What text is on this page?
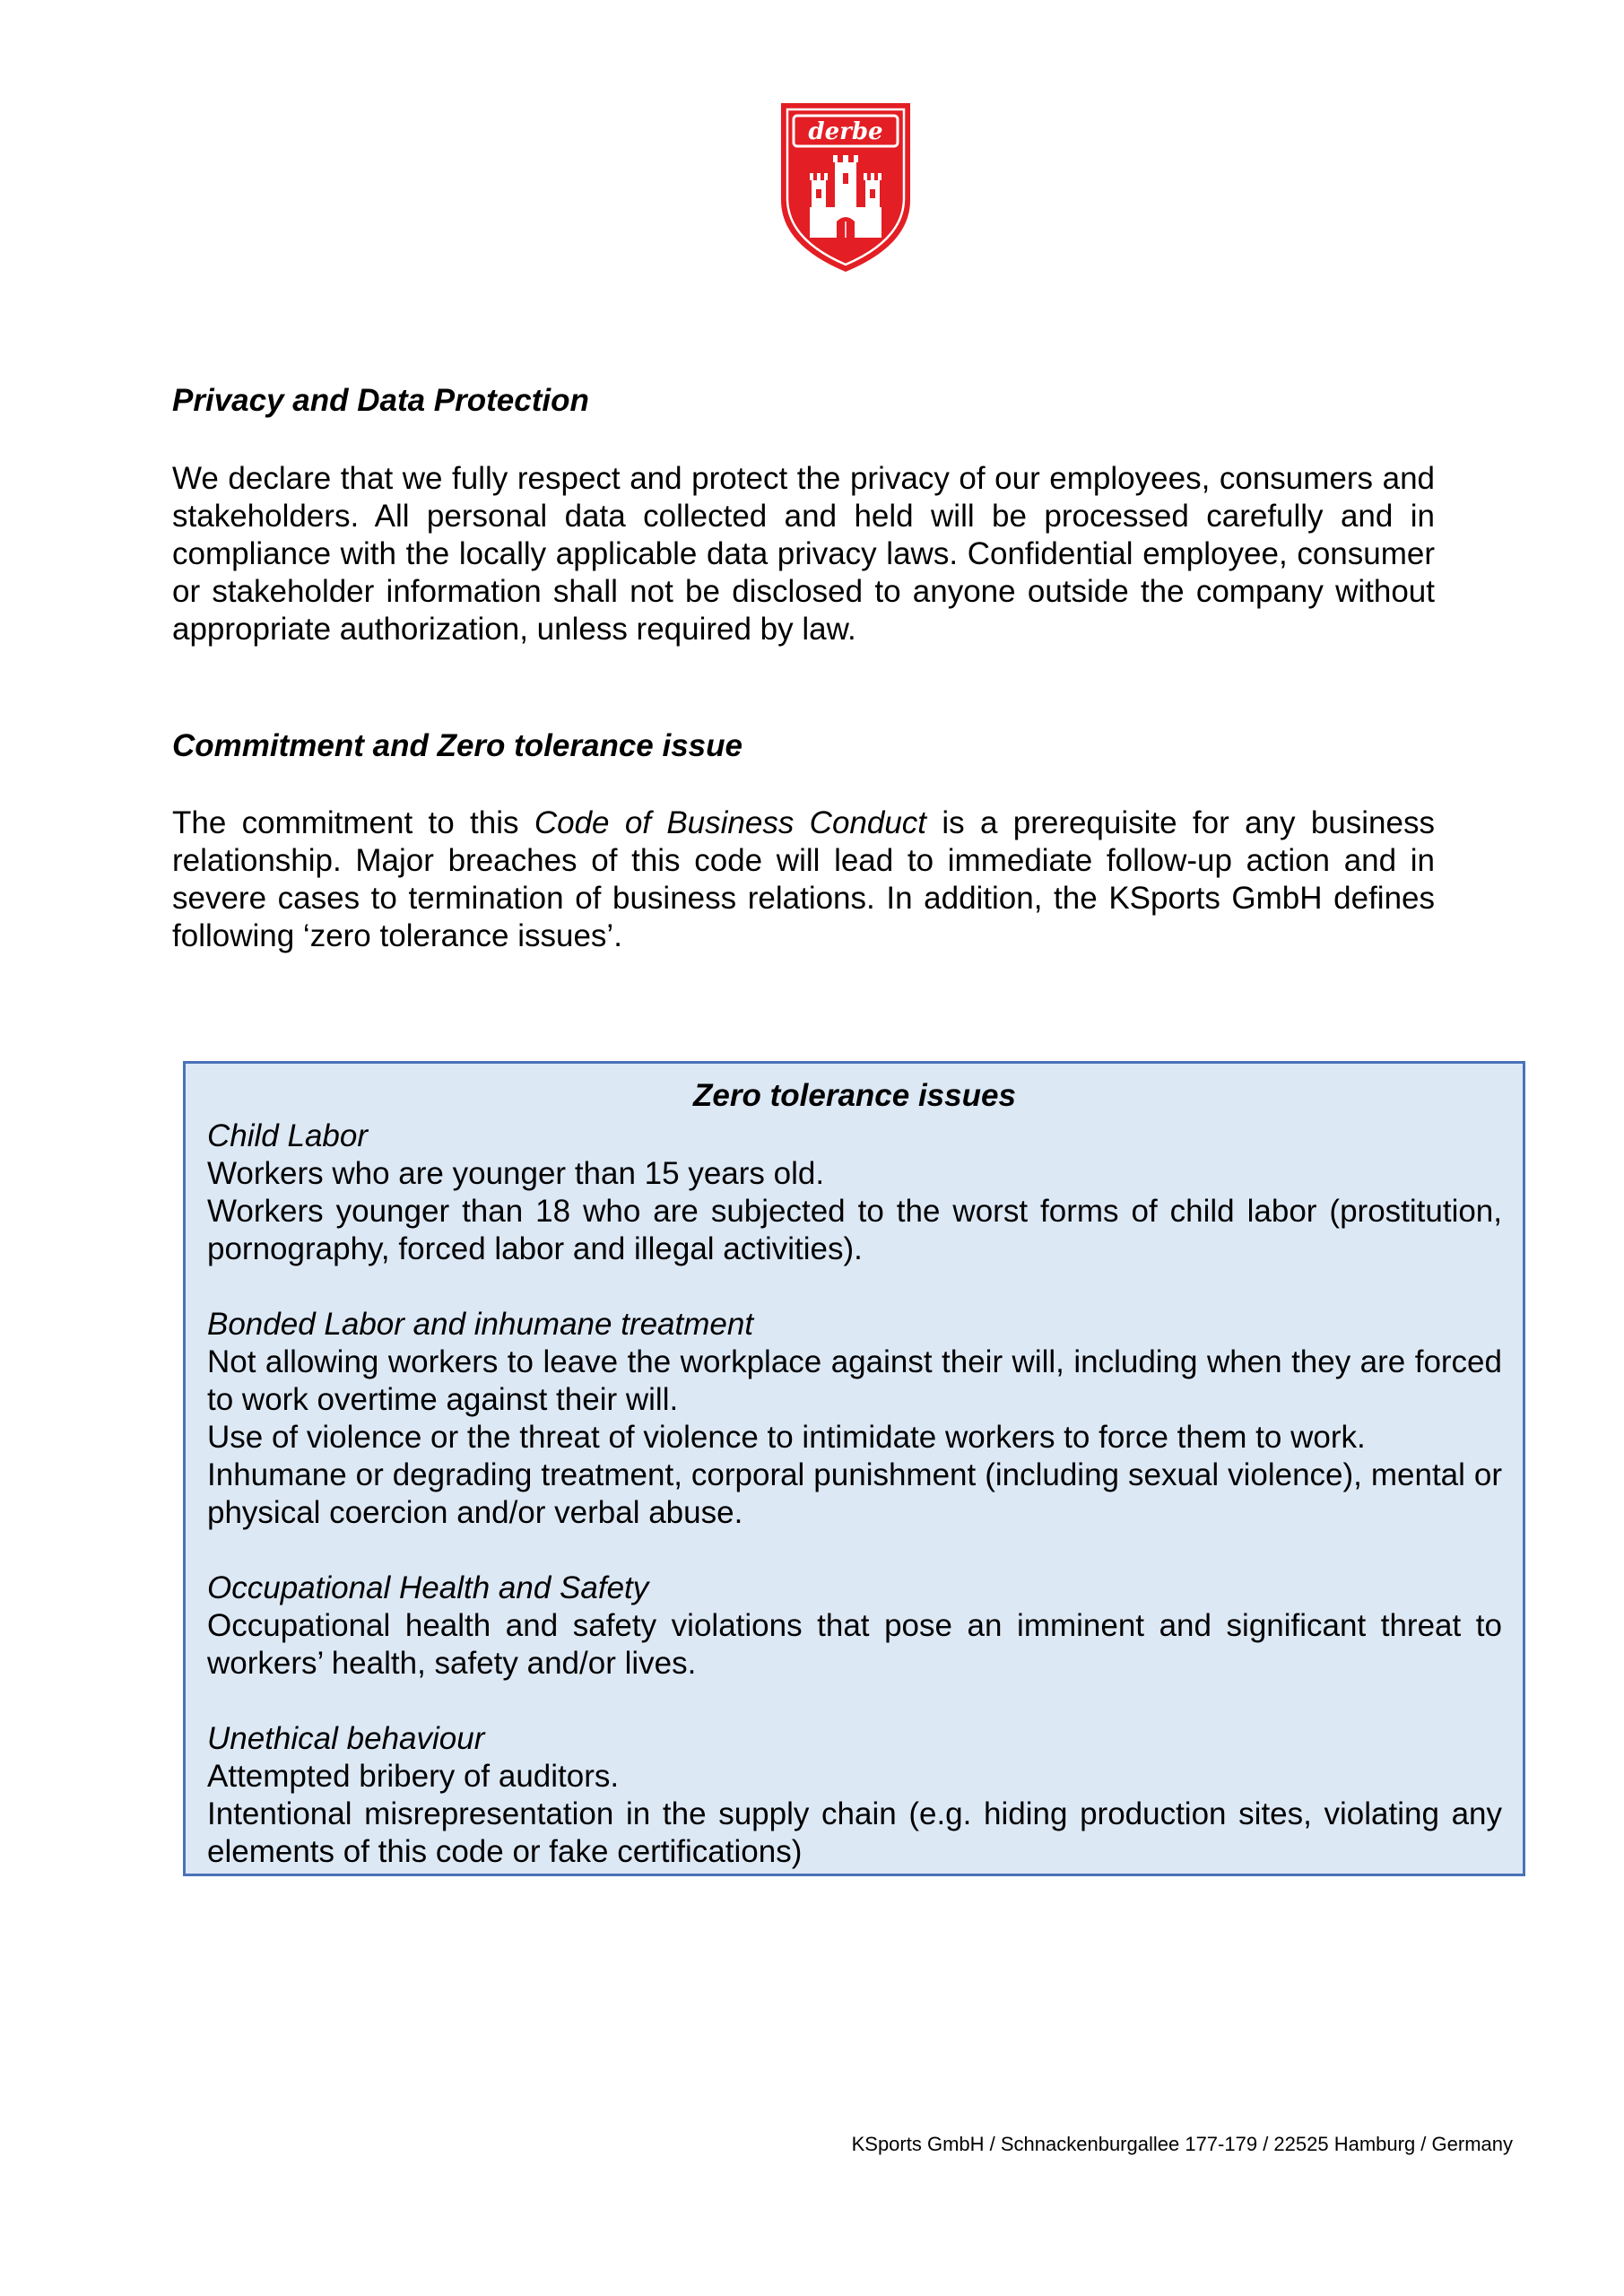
derbe
Privacy and Data Protection

We declare that we fully respect and protect the privacy of our employees, consumers and stakeholders. All personal data collected and held will be processed carefully and in compliance with the locally applicable data privacy laws. Confidential employee, consumer or stakeholder information shall not be disclosed to anyone outside the company without appropriate authorization, unless required by law.

Commitment and Zero tolerance issue

The commitment to this Code of Business Conduct is a prerequisite for any business relationship. Major breaches of this code will lead to immediate follow-up action and in severe cases to termination of business relations. In addition, the KSports GmbH defines following ‘zero tolerance issues’.

Zero tolerance issues

Child Labor

Workers who are younger than 15 years old.

Workers younger than 18 who are subjected to the worst forms of child labor (prostitution, pornography, forced labor and illegal activities).

Bonded Labor and inhumane treatment

Not allowing workers to leave the workplace against their will, including when they are forced to work overtime against their will.

Use of violence or the threat of violence to intimidate workers to force them to work.

Inhumane or degrading treatment, corporal punishment (including sexual violence), mental or physical coercion and/or verbal abuse.

Occupational Health and Safety

Occupational health and safety violations that pose an imminent and significant threat to workers’ health, safety and/or lives.

Unethical behaviour

Attempted bribery of auditors.

Intentional misrepresentation in the supply chain (e.g. hiding production sites, violating any elements of this code or fake certifications)

KSports GmbH / Schnackenburgallee 177-179 / 22525 Hamburg / Germany
